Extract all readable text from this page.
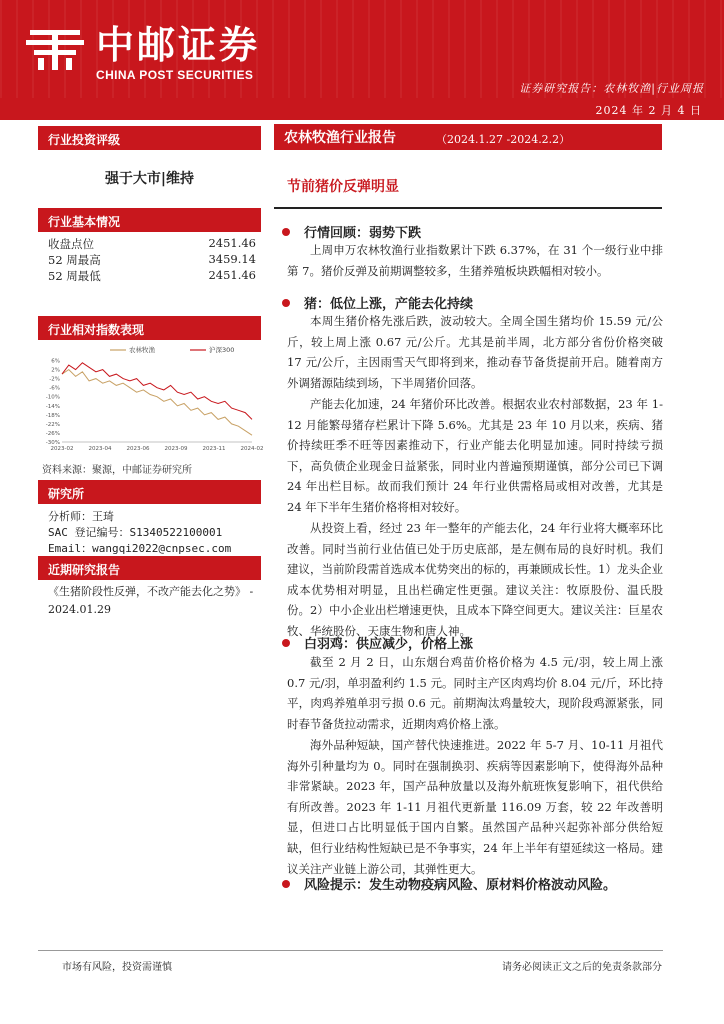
中邮证券
CHINA POST SECURITIES
证券研究报告：农林牧渔|行业周报
2024 年 2 月 4 日
行业投资评级
强于大市|维持
行业基本情况
收盘点位	2451.46
52 周最高	3459.14
52 周最低	2451.46
行业相对指数表现
6%
2%
-2%
-6%
-10%
-14%
-18%
-22%
-26%
-30%
2023-02	2023-04	2023-06	2023-09	2023-11	2024-02
农林牧渔	沪深300
资料来源：聚源，中邮证券研究所
研究所
分析师：王琦
SAC 登记编号：S1340522100001
Email：wangqi2022@cnpsec.com
近期研究报告
《生猪阶段性反弹，不改产能去化之势》 - 2024.01.29
农林牧渔行业报告	（2024.1.27 -2024.2.2）
节前猪价反弹明显
行情回顾：弱势下跌
上周申万农林牧渔行业指数累计下跌 6.37%，在 31 个一级行业中排第 7。猪价反弹及前期调整较多，生猪养殖板块跌幅相对较小。
猪：低位上涨，产能去化持续
本周生猪价格先涨后跌，波动较大。全周全国生猪均价 15.59 元/公斤，较上周上涨 0.67 元/公斤。尤其是前半周，北方部分省份价格突破 17 元/公斤，主因雨雪天气即将到来，推动春节备货提前开启。随着南方外调猪源陆续到场，下半周猪价回落。
产能去化加速，24 年猪价环比改善。根据农业农村部数据，23 年 1-12 月能繁母猪存栏累计下降 5.6%。尤其是 23 年 10 月以来，疾病、猪价持续旺季不旺等因素推动下，行业产能去化明显加速。同时持续亏损下，高负债企业现金日益紧张，同时业内普遍预期谨慎，部分公司已下调 24 年出栏目标。故而我们预计 24 年行业供需格局或相对改善，尤其是 24 年下半年生猪价格将相对较好。
从投资上看，经过 23 年一整年的产能去化，24 年行业将大概率环比改善。同时当前行业估值已处于历史底部，是左侧布局的良好时机。我们建议，当前阶段需首选成本优势突出的标的，再兼顾成长性。1）龙头企业成本优势相对明显，且出栏确定性更强。建议关注：牧原股份、温氏股份。2）中小企业出栏增速更快，且成本下降空间更大。建议关注：巨星农牧、华统股份、天康生物和唐人神。
白羽鸡：供应减少，价格上涨
截至 2 月 2 日，山东烟台鸡苗价格价格为 4.5 元/羽，较上周上涨 0.7 元/羽，单羽盈利约 1.5 元。同时主产区肉鸡均价 8.04 元/斤，环比持平，肉鸡养殖单羽亏损 0.6 元。前期淘汰鸡量较大，现阶段鸡源紧张，同时春节备货拉动需求，近期肉鸡价格上涨。
海外品种短缺，国产替代快速推进。2022 年 5-7 月、10-11 月祖代海外引种量均为 0。同时在强制换羽、疾病等因素影响下，使得海外品种非常紧缺。2023 年，国产品种放量以及海外航班恢复影响下，祖代供给有所改善。2023 年 1-11 月祖代更新量 116.09 万套，较 22 年改善明显，但进口占比明显低于国内自繁。虽然国产品种兴起弥补部分供给短缺，但行业结构性短缺已是不争事实，24 年上半年有望延续这一格局。建议关注产业链上游公司，其弹性更大。
风险提示：发生动物疫病风险、原材料价格波动风险。
市场有风险，投资需谨慎	请务必阅读正文之后的免责条款部分
